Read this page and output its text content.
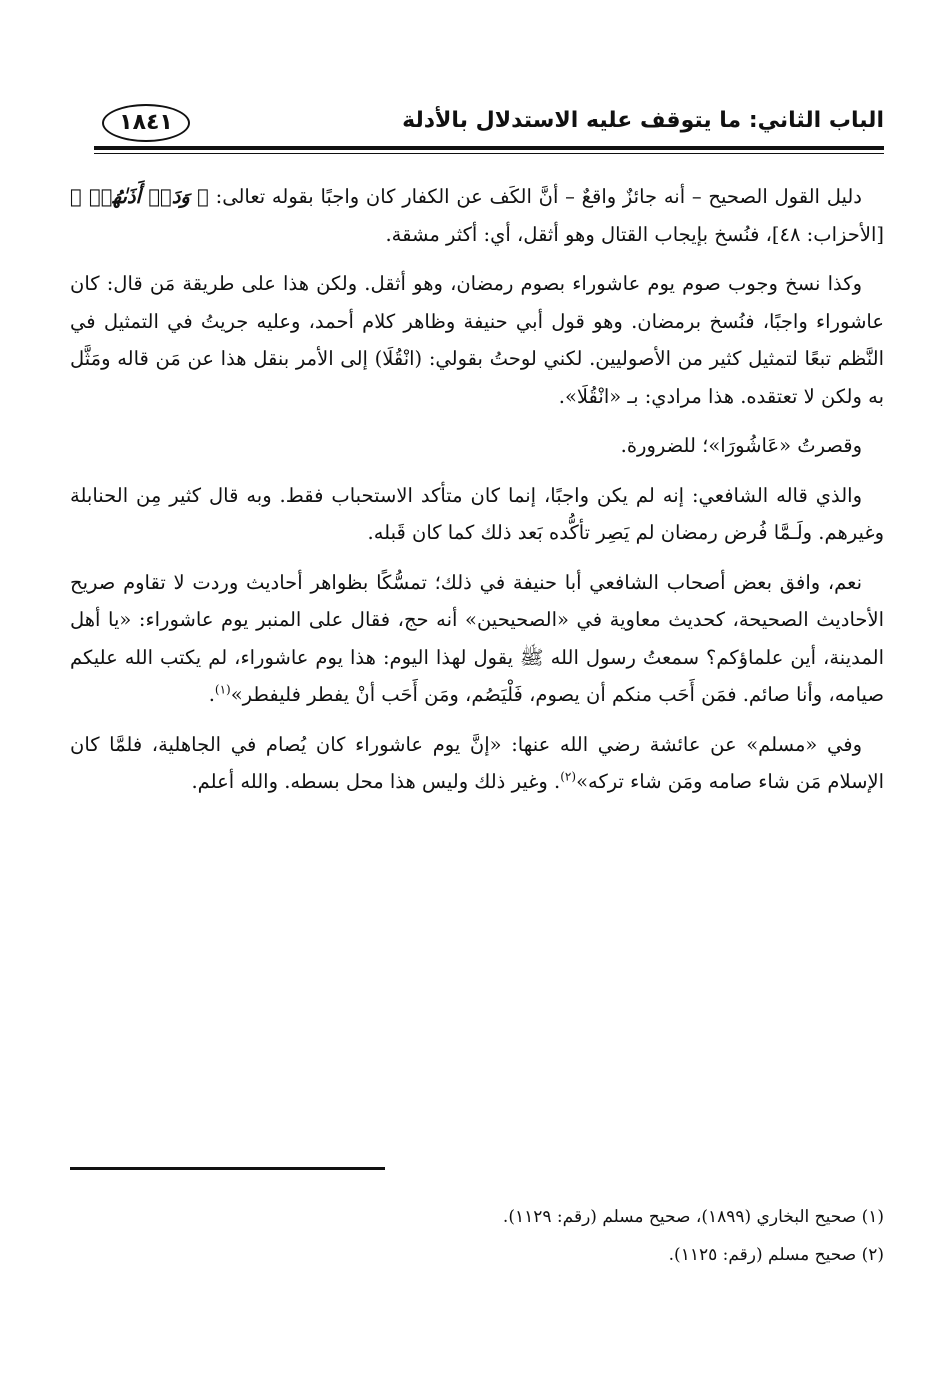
الباب الثاني: ما يتوقف عليه الاستدلال بالأدلة
١٨٤١

دليل القول الصحيح – أنه جائزٌ واقعٌ – أنَّ الكَف عن الكفار كان واجبًا بقوله تعالى: ﴿ وَدَعۡ أَذَىٰهُمۡ ﴾ [الأحزاب: ٤٨]، فنُسخ بإيجاب القتال وهو أثقل، أي: أكثر مشقة.

وكذا نسخ وجوب صوم يوم عاشوراء بصوم رمضان، وهو أثقل. ولكن هذا على طريقة مَن قال: كان عاشوراء واجبًا، فنُسخ برمضان. وهو قول أبي حنيفة وظاهر كلام أحمد، وعليه جريتُ في التمثيل في النَّظم تبعًا لتمثيل كثير من الأصوليين. لكني لوحتُ بقولي: (انْقُلَا) إلى الأمر بنقل هذا عن مَن قاله ومَثَّل به ولكن لا تعتقده. هذا مرادي: بـ «انْقُلَا».

وقصرتُ «عَاشُورَا»؛ للضرورة.

والذي قاله الشافعي: إنه لم يكن واجبًا، إنما كان متأكد الاستحباب فقط. وبه قال كثير مِن الحنابلة وغيرهم. ولَـمَّا فُرض رمضان لم يَصِر تأكُّده بَعد ذلك كما كان قَبله.

نعم، وافق بعض أصحاب الشافعي أبا حنيفة في ذلك؛ تمسُّكًا بظواهر أحاديث وردت لا تقاوم صريح الأحاديث الصحيحة، كحديث معاوية في «الصحيحين» أنه حج، فقال على المنبر يوم عاشوراء: «يا أهل المدينة، أين علماؤكم؟ سمعتُ رسول الله ﷺ يقول لهذا اليوم: هذا يوم عاشوراء، لم يكتب الله عليكم صيامه، وأنا صائم. فمَن أَحَب منكم أن يصوم، فَلْيَصُم، ومَن أَحَب أنْ يفطر فليفطر»$^{(١)}$.

وفي «مسلم» عن عائشة رضي الله عنها: «إنَّ يوم عاشوراء كان يُصام في الجاهلية، فلمَّا كان الإسلام مَن شاء صامه ومَن شاء تركه»$^{(٢)}$. وغير ذلك وليس هذا محل بسطه. والله أعلم.

(١) صحيح البخاري (١٨٩٩)، صحيح مسلم (رقم: ١١٢٩).
(٢) صحيح مسلم (رقم: ١١٢٥).
